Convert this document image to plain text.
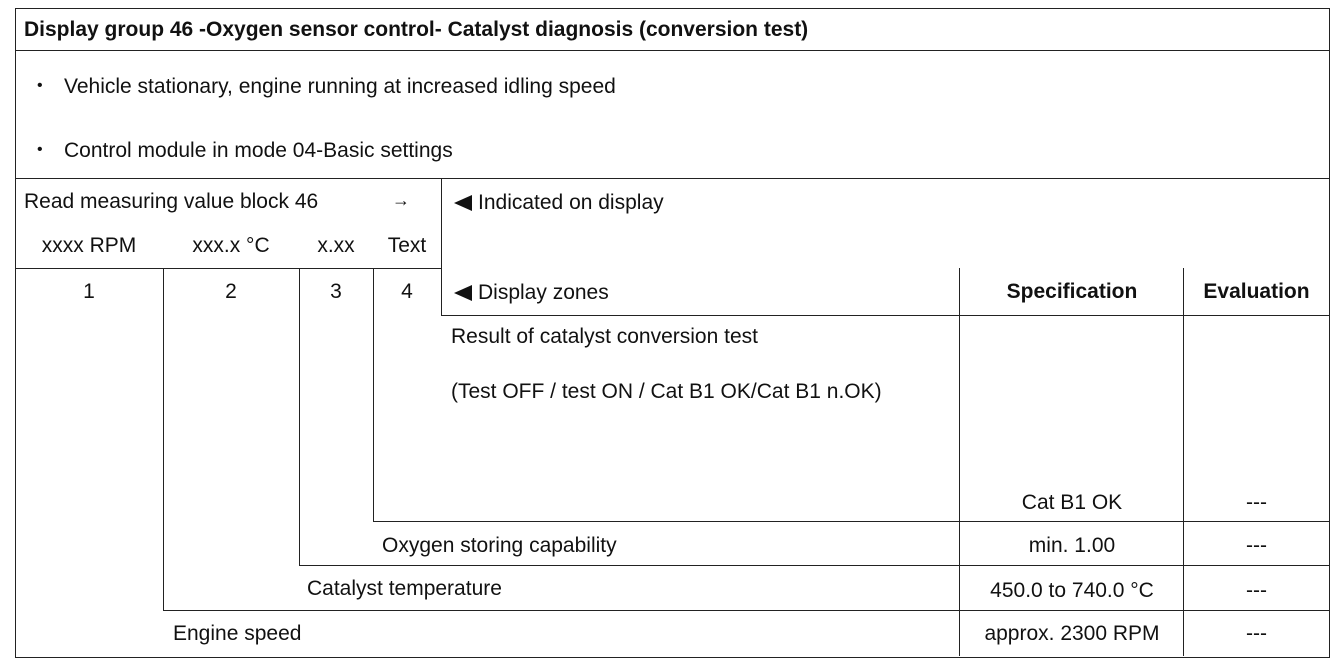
Display group 46 -Oxygen sensor control- Catalyst diagnosis (conversion test)
• Vehicle stationary, engine running at increased idling speed
• Control module in mode 04-Basic settings
Read measuring value block 46	→	Indicated on display
xxxx RPM	xxx.x °C	x.xx	Text
1	2	3	4	Display zones	Specification	Evaluation
Result of catalyst conversion test
(Test OFF / test ON / Cat B1 OK/Cat B1 n.OK)
Cat B1 OK	---
Oxygen storing capability	min. 1.00	---
Catalyst temperature	450.0 to 740.0 °C	---
Engine speed	approx. 2300 RPM	---
